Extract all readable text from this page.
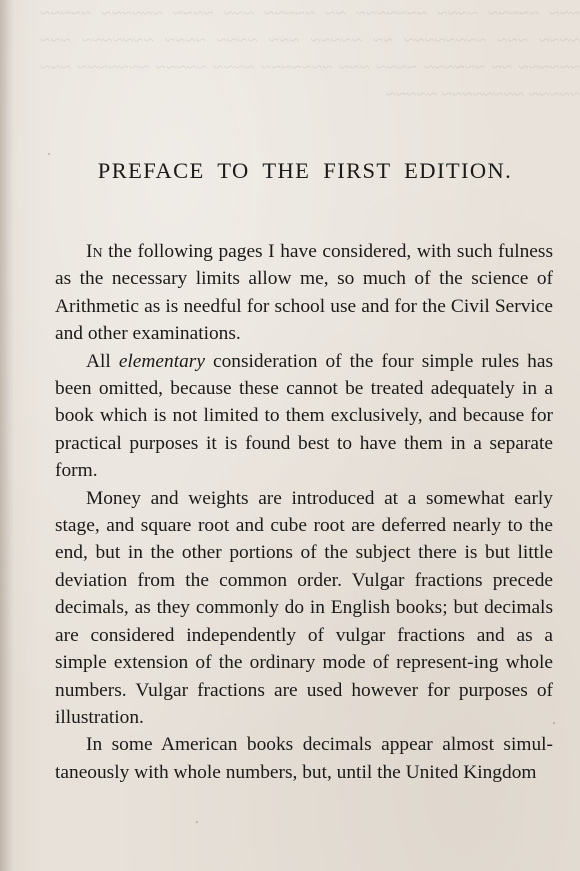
~~~ ~~~~~ ~~~~ ~~~~~~~ ~~ ~~~~~ ~~~ ~~~~ ~~~~~~ ~~~~~ ~~~~ ~~~ ~~~~~~~~ ~~ ~~~~~ ~~~ ~~~~ ~~~~ ~~~~~~~ ~~~ ~~~~~~ ~~ ~~~~~~ ~~~~ ~~~ ~~~~~~~ ~~~~ ~~~~~ ~~~~~~~ ~~~ ~~~~~ ~~~~~~~~ ~~~~~
PREFACE TO THE FIRST EDITION.

In the following pages I have considered, with such fulness as the necessary limits allow me, so much of the science of Arithmetic as is needful for school use and for the Civil Service and other examinations.

All elementary consideration of the four simple rules has been omitted, because these cannot be treated adequately in a book which is not limited to them exclusively, and because for practical purposes it is found best to have them in a separate form.

Money and weights are introduced at a somewhat early stage, and square root and cube root are deferred nearly to the end, but in the other portions of the subject there is but little deviation from the common order. Vulgar fractions precede decimals, as they commonly do in English books; but decimals are considered independently of vulgar fractions and as a simple extension of the ordinary mode of represent-ing whole numbers. Vulgar fractions are used however for purposes of illustration.

In some American books decimals appear almost simul-taneously with whole numbers, but, until the United Kingdom
